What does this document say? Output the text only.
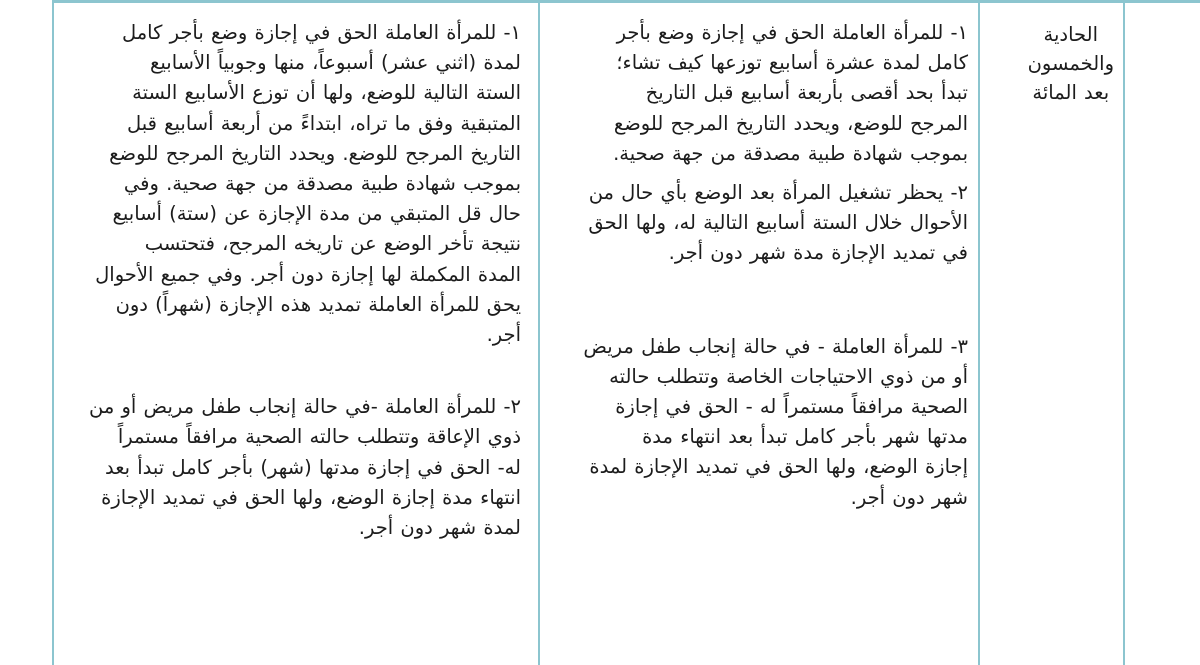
الحادية
والخمسون
بعد المائة
١- للمرأة العاملة الحق في إجازة وضع بأجر
كامل لمدة عشرة أسابيع توزعها كيف تشاء؛
تبدأ بحد أقصى بأربعة أسابيع قبل التاريخ
المرجح للوضع، ويحدد التاريخ المرجح للوضع
بموجب شهادة طبية مصدقة من جهة صحية.
٢- يحظر تشغيل المرأة بعد الوضع بأي حال من
الأحوال خلال الستة أسابيع التالية له، ولها الحق
في تمديد الإجازة مدة شهر دون أجر.
٣- للمرأة العاملة - في حالة إنجاب طفل مريض
أو من ذوي الاحتياجات الخاصة وتتطلب حالته
الصحية مرافقاً مستمراً له - الحق في إجازة
مدتها شهر بأجر كامل تبدأ بعد انتهاء مدة
إجازة الوضع، ولها الحق في تمديد الإجازة لمدة
شهر دون أجر.
١- للمرأة العاملة الحق في إجازة وضع بأجر كامل
لمدة (اثني عشر) أسبوعاً، منها وجوبياً الأسابيع
الستة التالية للوضع، ولها أن توزع الأسابيع الستة
المتبقية وفق ما تراه، ابتداءً من أربعة أسابيع قبل
التاريخ المرجح للوضع. ويحدد التاريخ المرجح للوضع
بموجب شهادة طبية مصدقة من جهة صحية. وفي
حال قل المتبقي من مدة الإجازة عن (ستة) أسابيع
نتيجة تأخر الوضع عن تاريخه المرجح، فتحتسب
المدة المكملة لها إجازة دون أجر. وفي جميع الأحوال
يحق للمرأة العاملة تمديد هذه الإجازة (شهراً) دون
أجر.
٢- للمرأة العاملة -في حالة إنجاب طفل مريض أو من
ذوي الإعاقة وتتطلب حالته الصحية مرافقاً مستمراً
له- الحق في إجازة مدتها (شهر) بأجر كامل تبدأ بعد
انتهاء مدة إجازة الوضع، ولها الحق في تمديد الإجازة
لمدة شهر دون أجر.
